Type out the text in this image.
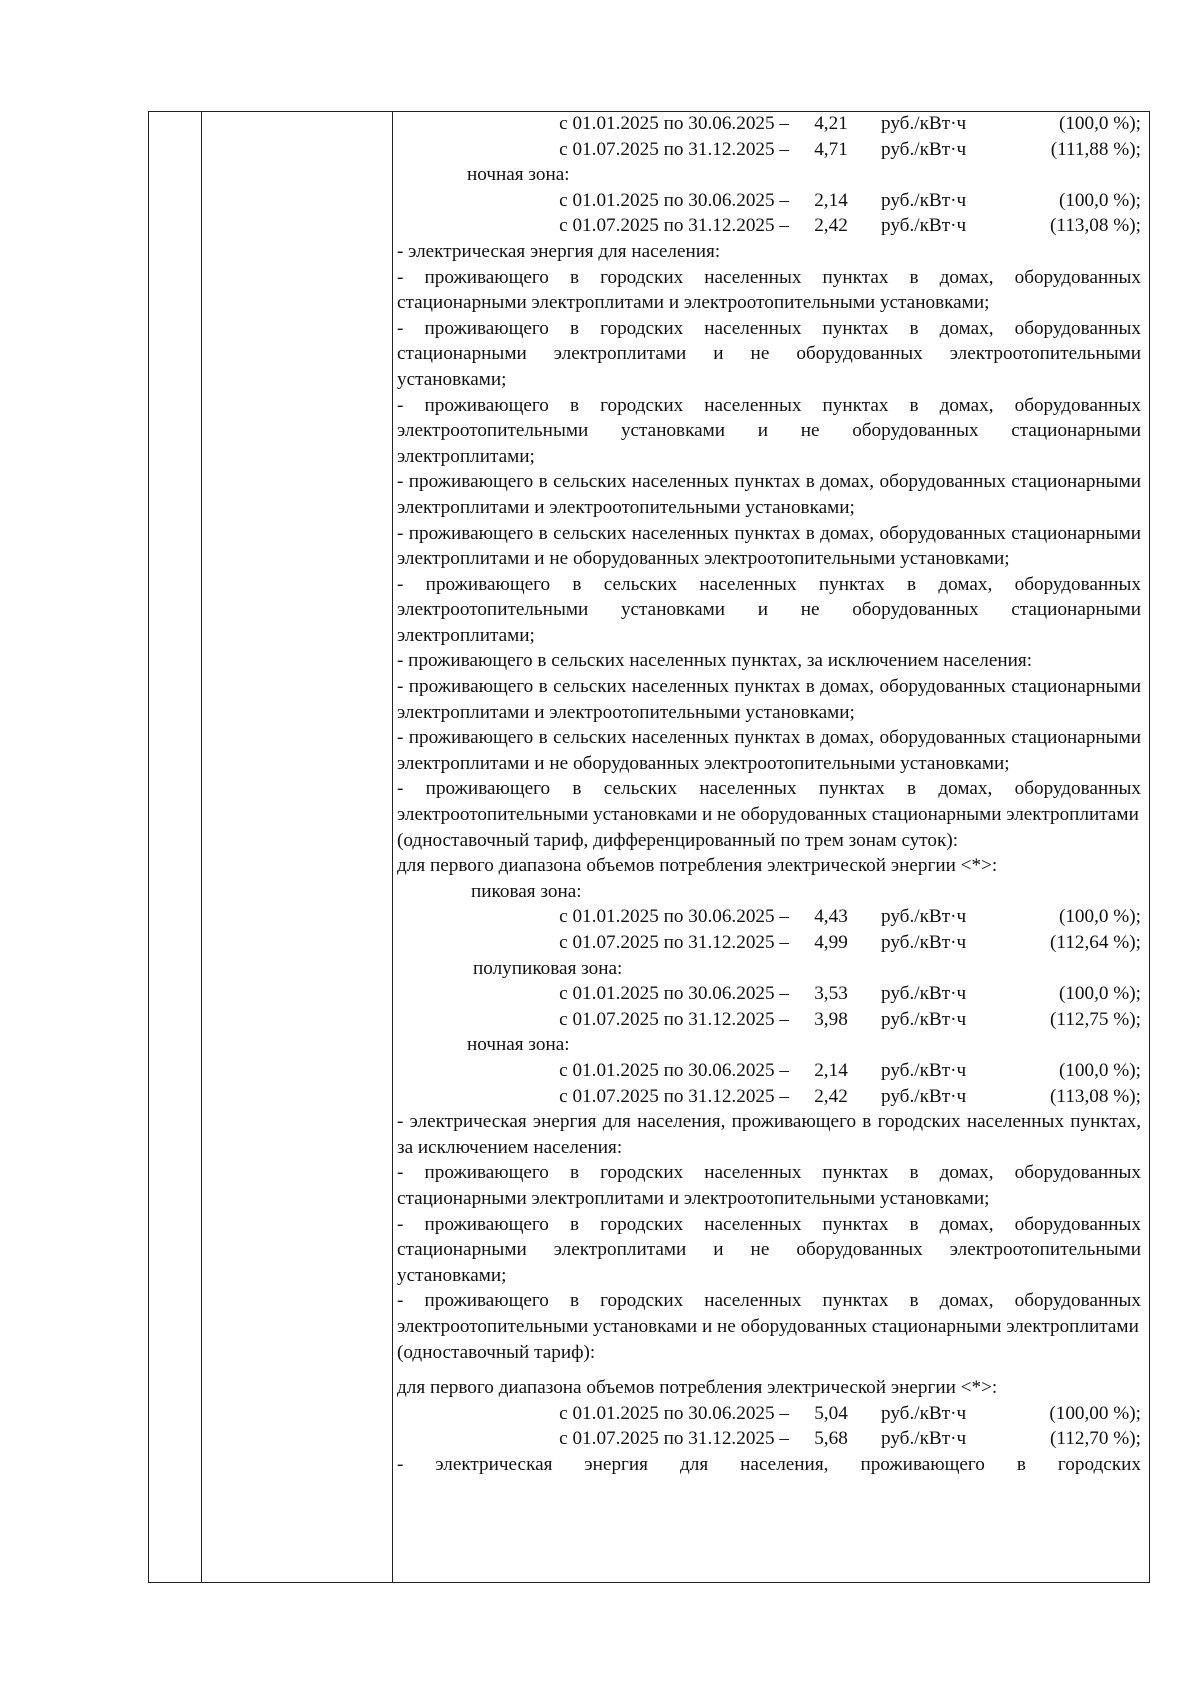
с 01.01.2025 по 30.06.2025 –	4,21	руб./кВт·ч	(100,0 %);
с 01.07.2025 по 31.12.2025 –	4,71	руб./кВт·ч	(111,88 %);
ночная зона:
с 01.01.2025 по 30.06.2025 –	2,14	руб./кВт·ч	(100,0 %);
с 01.07.2025 по 31.12.2025 –	2,42	руб./кВт·ч	(113,08 %);

- электрическая энергия для населения:

- проживающего в городских населенных пунктах в домах, оборудованных стационарными электроплитами и электроотопительными установками;

- проживающего в городских населенных пунктах в домах, оборудованных стационарными электроплитами и не оборудованных электроотопительными установками;

- проживающего в городских населенных пунктах в домах, оборудованных электроотопительными установками и не оборудованных стационарными электроплитами;

- проживающего в сельских населенных пунктах в домах, оборудованных стационарными электроплитами и электроотопительными установками;

- проживающего в сельских населенных пунктах в домах, оборудованных стационарными электроплитами и не оборудованных электроотопительными установками;

- проживающего в сельских населенных пунктах в домах, оборудованных электроотопительными установками и не оборудованных стационарными электроплитами;

- проживающего в сельских населенных пунктах, за исключением населения:

- проживающего в сельских населенных пунктах в домах, оборудованных стационарными электроплитами и электроотопительными установками;

- проживающего в сельских населенных пунктах в домах, оборудованных стационарными электроплитами и не оборудованных электроотопительными установками;

- проживающего в сельских населенных пунктах в домах, оборудованных электроотопительными установками и не оборудованных стационарными электроплитами

(одноставочный тариф, дифференцированный по трем зонам суток):

для первого диапазона объемов потребления электрической энергии <*>:

пиковая зона:
с 01.01.2025 по 30.06.2025 –	4,43	руб./кВт·ч	(100,0 %);
с 01.07.2025 по 31.12.2025 –	4,99	руб./кВт·ч	(112,64 %);
полупиковая зона:
с 01.01.2025 по 30.06.2025 –	3,53	руб./кВт·ч	(100,0 %);
с 01.07.2025 по 31.12.2025 –	3,98	руб./кВт·ч	(112,75 %);
ночная зона:
с 01.01.2025 по 30.06.2025 –	2,14	руб./кВт·ч	(100,0 %);
с 01.07.2025 по 31.12.2025 –	2,42	руб./кВт·ч	(113,08 %);

- электрическая энергия для населения, проживающего в городских населенных пунктах, за исключением населения:

- проживающего в городских населенных пунктах в домах, оборудованных стационарными электроплитами и электроотопительными установками;

- проживающего в городских населенных пунктах в домах, оборудованных стационарными электроплитами и не оборудованных электроотопительными установками;

- проживающего в городских населенных пунктах в домах, оборудованных электроотопительными установками и не оборудованных стационарными электроплитами

(одноставочный тариф):

для первого диапазона объемов потребления электрической энергии <*>:

с 01.01.2025 по 30.06.2025 –	5,04	руб./кВт·ч	(100,00 %);
с 01.07.2025 по 31.12.2025 –	5,68	руб./кВт·ч	(112,70 %);

- электрическая энергия для населения, проживающего в городских
